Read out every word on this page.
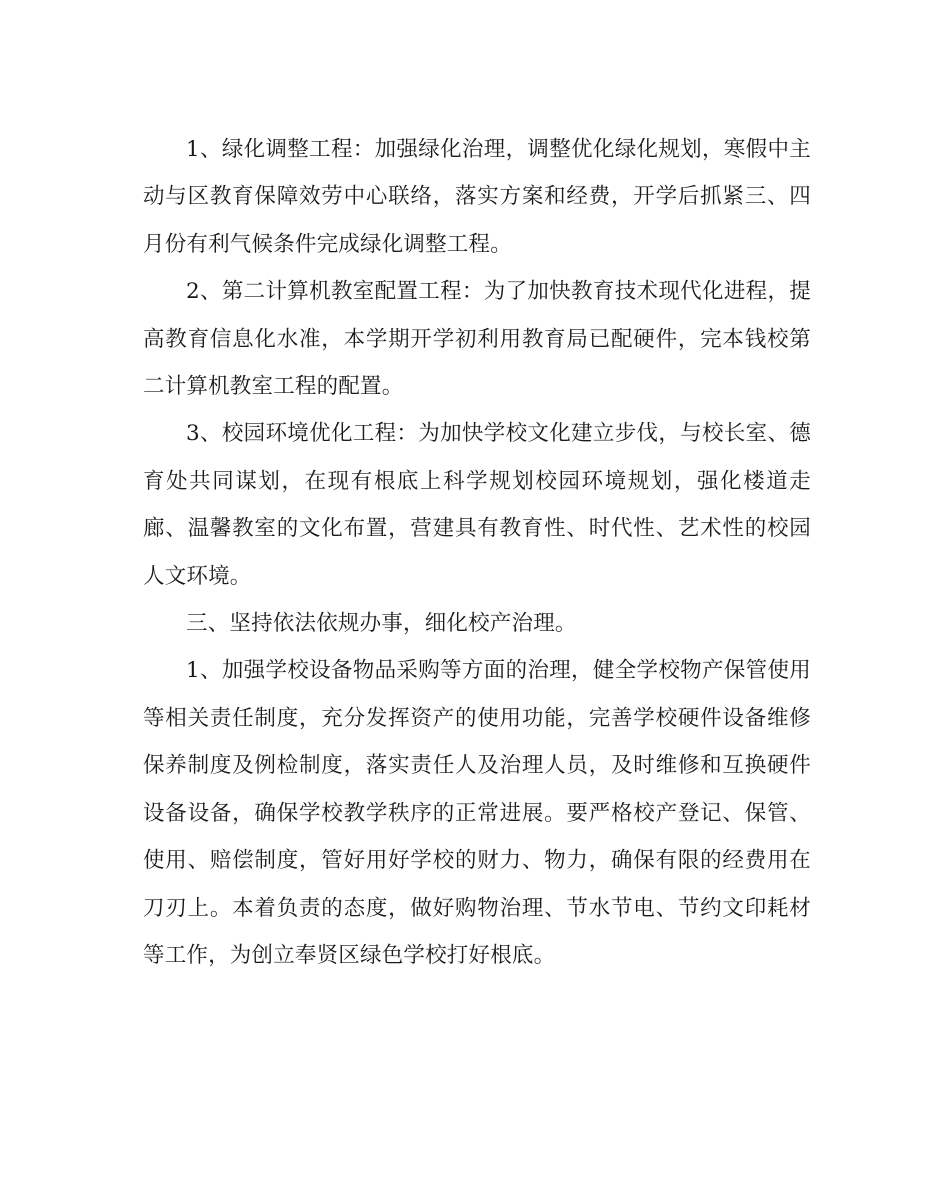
1、绿化调整工程：加强绿化治理，调整优化绿化规划，寒假中主动与区教育保障效劳中心联络，落实方案和经费，开学后抓紧三、四月份有利气候条件完成绿化调整工程。

2、第二计算机教室配置工程：为了加快教育技术现代化进程，提高教育信息化水准，本学期开学初利用教育局已配硬件，完本钱校第二计算机教室工程的配置。

3、校园环境优化工程：为加快学校文化建立步伐，与校长室、德育处共同谋划，在现有根底上科学规划校园环境规划，强化楼道走廊、温馨教室的文化布置，营建具有教育性、时代性、艺术性的校园人文环境。

三、坚持依法依规办事，细化校产治理。

1、加强学校设备物品采购等方面的治理，健全学校物产保管使用等相关责任制度，充分发挥资产的使用功能，完善学校硬件设备维修保养制度及例检制度，落实责任人及治理人员，及时维修和互换硬件设备设备，确保学校教学秩序的正常进展。要严格校产登记、保管、使用、赔偿制度，管好用好学校的财力、物力，确保有限的经费用在刀刃上。本着负责的态度，做好购物治理、节水节电、节约文印耗材等工作，为创立奉贤区绿色学校打好根底。
